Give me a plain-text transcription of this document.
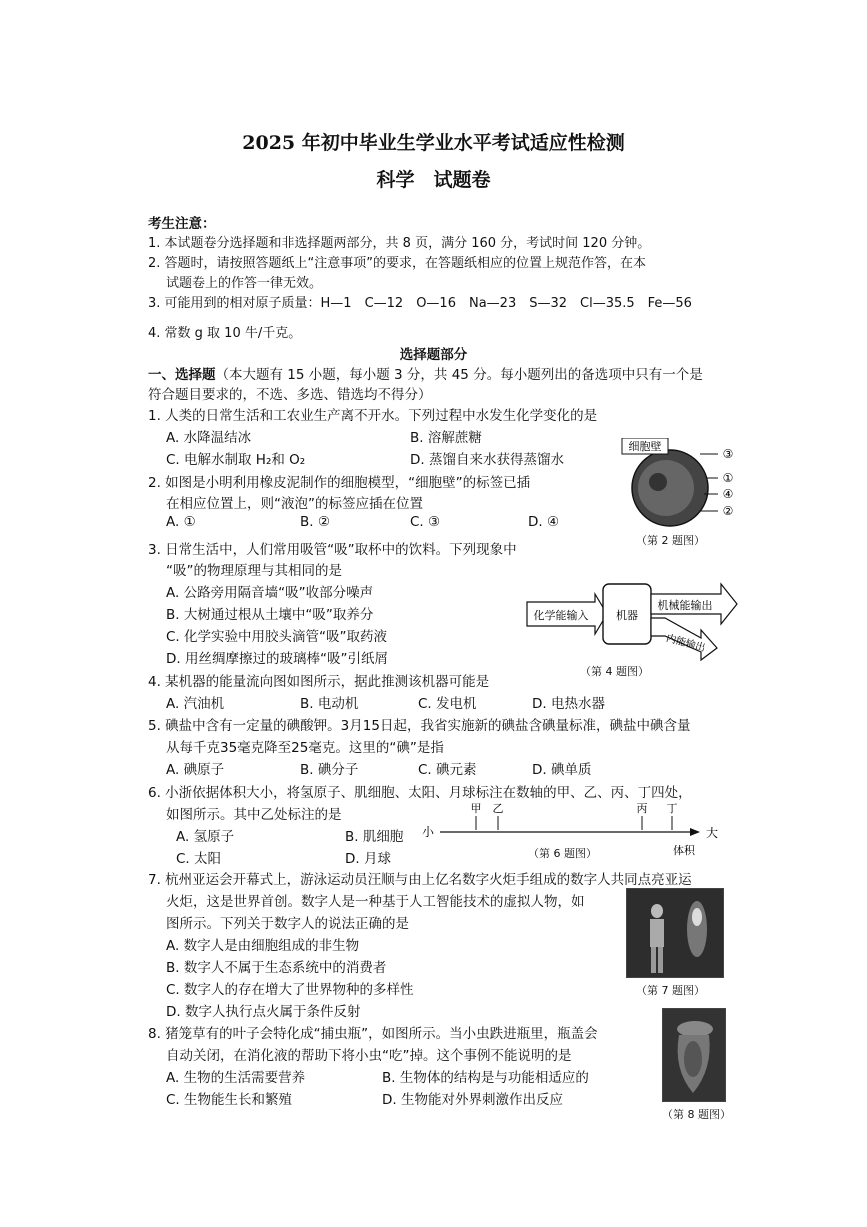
2025 年初中毕业生学业水平考试适应性检测
科学　试题卷
考生注意：
1. 本试题卷分选择题和非选择题两部分，共 8 页，满分 160 分，考试时间 120 分钟。
2. 答题时，请按照答题纸上“注意事项”的要求，在答题纸相应的位置上规范作答，在本
试题卷上的作答一律无效。
3. 可能用到的相对原子质量：H—1　C—12　O—16　Na—23　S—32　Cl—35.5　Fe—56
4. 常数 g 取 10 牛/千克。
选择题部分
一、选择题（本大题有 15 小题，每小题 3 分，共 45 分。每小题列出的备选项中只有一个是
符合题目要求的，不选、多选、错选均不得分）
1. 人类的日常生活和工农业生产离不开水。下列过程中水发生化学变化的是
A. 水降温结冰	B. 溶解蔗糖
C. 电解水制取 H₂和 O₂	D. 蒸馏自来水获得蒸馏水
细胞壁
③
①
④
②
（第 2 题图）
2. 如图是小明利用橡皮泥制作的细胞模型，“细胞壁”的标签已插
在相应位置上，则“液泡”的标签应插在位置
A. ①	B. ②	C. ③	D. ④
3. 日常生活中，人们常用吸管“吸”取杯中的饮料。下列现象中
“吸”的物理原理与其相同的是
A. 公路旁用隔音墙“吸”收部分噪声
B. 大树通过根从土壤中“吸”取养分
C. 化学实验中用胶头滴管“吸”取药液
D. 用丝绸摩擦过的玻璃棒“吸”引纸屑
化学能输入	机器
机械能输出
内能输出
（第 4 题图）
4. 某机器的能量流向图如图所示，据此推测该机器可能是
A. 汽油机	B. 电动机	C. 发电机	D. 电热水器
5. 碘盐中含有一定量的碘酸钾。3月15日起，我省实施新的碘盐含碘量标准，碘盐中碘含量
从每千克35毫克降至25毫克。这里的“碘”是指
A. 碘原子	B. 碘分子	C. 碘元素	D. 碘单质
6. 小浙依据体积大小，将氢原子、肌细胞、太阳、月球标注在数轴的甲、乙、丙、丁四处，
如图所示。其中乙处标注的是
A. 氢原子	B. 肌细胞
C. 太阳	D. 月球
小	大
甲 乙	丙 丁
体积
（第 6 题图）
7. 杭州亚运会开幕式上，游泳运动员汪顺与由上亿名数字火炬手组成的数字人共同点亮亚运
火炬，这是世界首创。数字人是一种基于人工智能技术的虚拟人物，如
图所示。下列关于数字人的说法正确的是
A. 数字人是由细胞组成的非生物
B. 数字人不属于生态系统中的消费者
C. 数字人的存在增大了世界物种的多样性
D. 数字人执行点火属于条件反射
（第 7 题图）
8. 猪笼草有的叶子会特化成“捕虫瓶”，如图所示。当小虫跌进瓶里，瓶盖会
自动关闭，在消化液的帮助下将小虫“吃”掉。这个事例不能说明的是
A. 生物的生活需要营养	B. 生物体的结构是与功能相适应的
C. 生物能生长和繁殖	D. 生物能对外界刺激作出反应
（第 8 题图）
